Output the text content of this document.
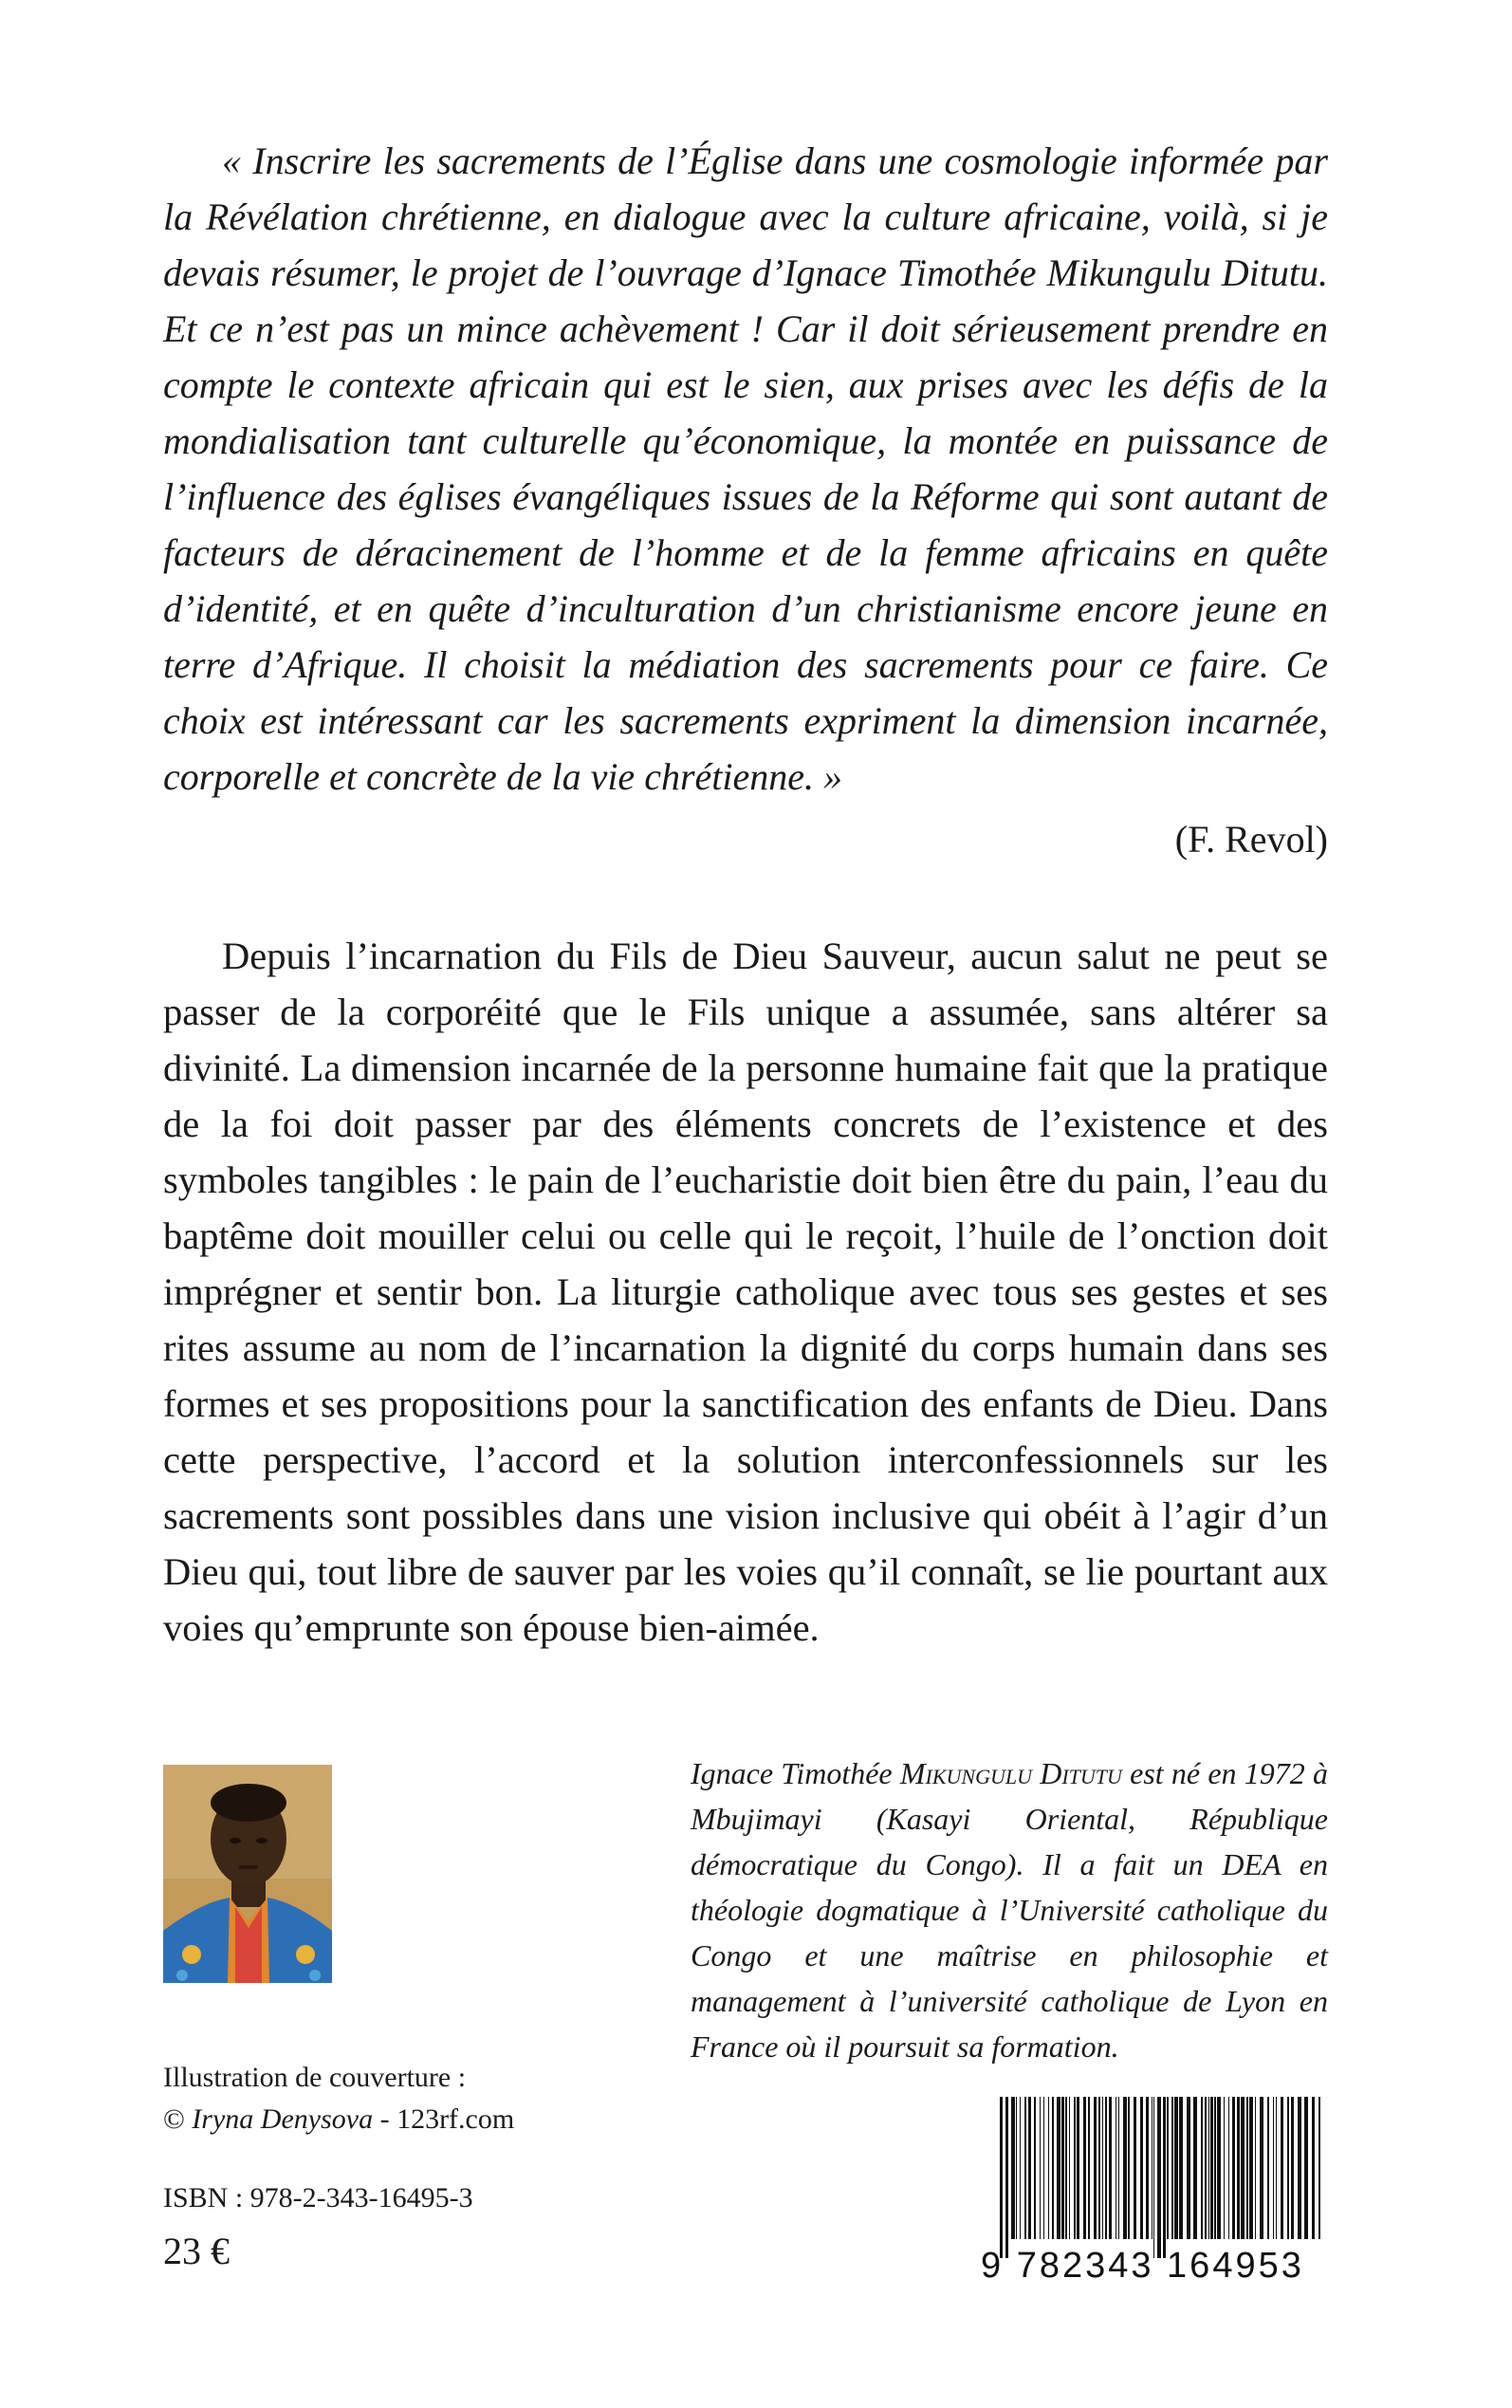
« Inscrire les sacrements de l’Église dans une cosmologie informée par la Révélation chrétienne, en dialogue avec la culture africaine, voilà, si je devais résumer, le projet de l’ouvrage d’Ignace Timothée Mikungulu Ditutu. Et ce n’est pas un mince achèvement ! Car il doit sérieusement prendre en compte le contexte africain qui est le sien, aux prises avec les défis de la mondialisation tant culturelle qu’économique, la montée en puissance de l’influence des églises évangéliques issues de la Réforme qui sont autant de facteurs de déracinement de l’homme et de la femme africains en quête d’identité, et en quête d’inculturation d’un christianisme encore jeune en terre d’Afrique. Il choisit la médiation des sacrements pour ce faire. Ce choix est intéressant car les sacrements expriment la dimension incarnée, corporelle et concrète de la vie chrétienne. »

(F. Revol)

Depuis l’incarnation du Fils de Dieu Sauveur, aucun salut ne peut se passer de la corporéité que le Fils unique a assumée, sans altérer sa divinité. La dimension incarnée de la personne humaine fait que la pratique de la foi doit passer par des éléments concrets de l’existence et des symboles tangibles : le pain de l’eucharistie doit bien être du pain, l’eau du baptême doit mouiller celui ou celle qui le reçoit, l’huile de l’onction doit imprégner et sentir bon. La liturgie catholique avec tous ses gestes et ses rites assume au nom de l’incarnation la dignité du corps humain dans ses formes et ses propositions pour la sanctification des enfants de Dieu. Dans cette perspective, l’accord et la solution interconfessionnels sur les sacrements sont possibles dans une vision inclusive qui obéit à l’agir d’un Dieu qui, tout libre de sauver par les voies qu’il connaît, se lie pourtant aux voies qu’emprunte son épouse bien-aimée.

Ignace Timothée Mikungulu Ditutu est né en 1972 à Mbujimayi (Kasayi Oriental, République démocratique du Congo). Il a fait un DEA en théologie dogmatique à l’Université catholique du Congo et une maîtrise en philosophie et management à l’université catholique de Lyon en France où il poursuit sa formation.

Illustration de couverture :
© Iryna Denysova - 123rf.com
ISBN : 978-2-343-16495-3
23 €	9 782343 164953
